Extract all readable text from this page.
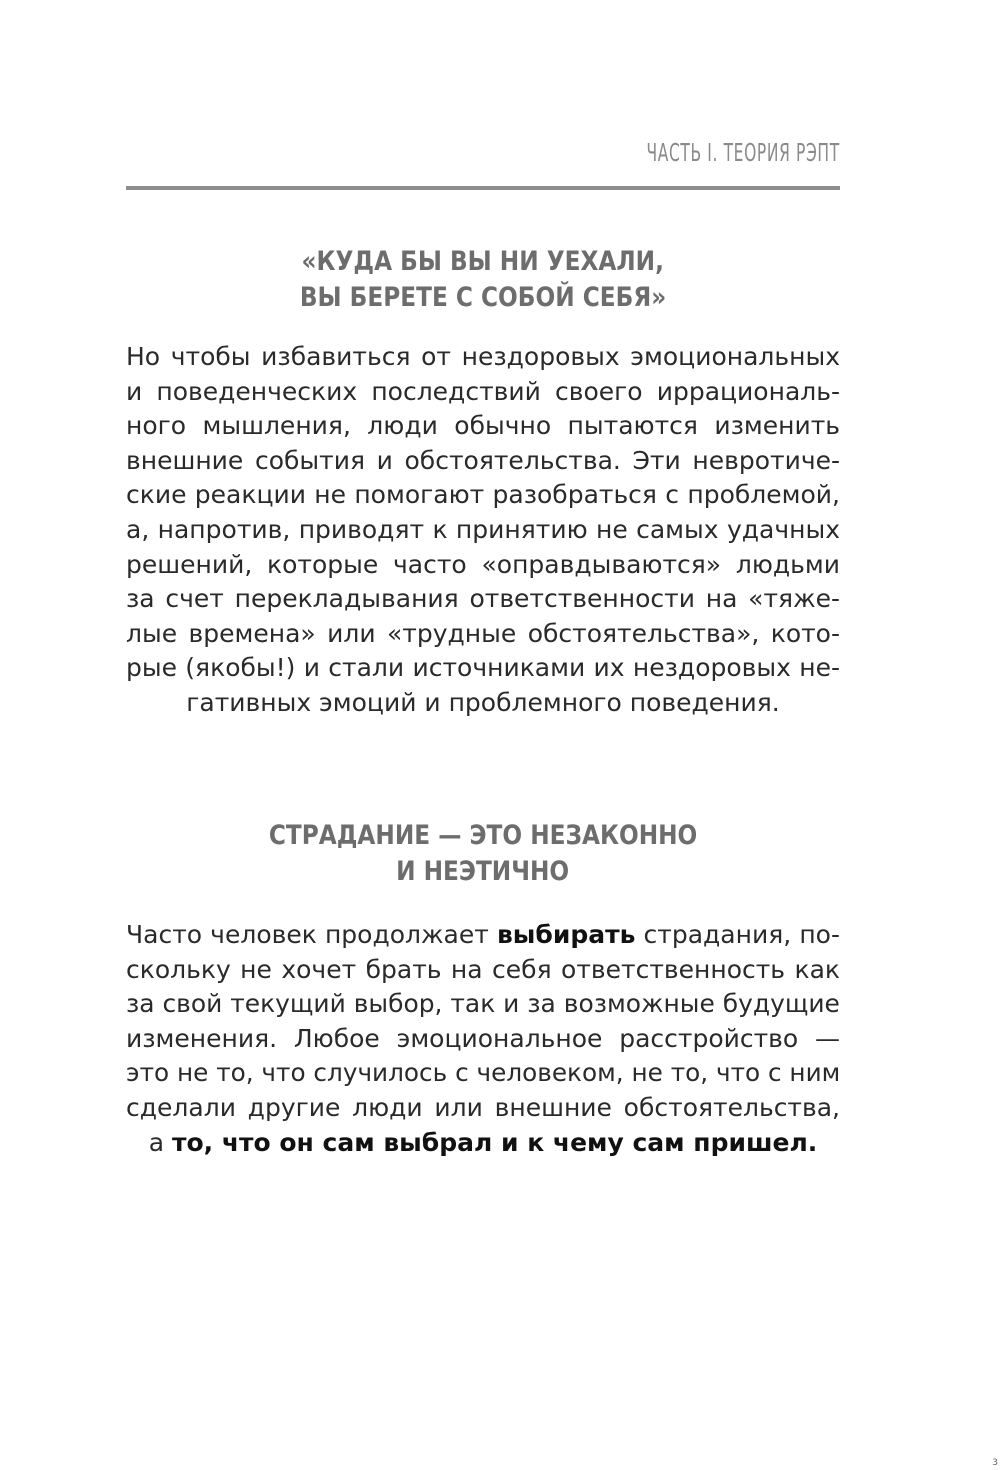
ЧАСТЬ I. ТЕОРИЯ РЭПТ
«КУДА БЫ ВЫ НИ УЕХАЛИ,
ВЫ БЕРЕТЕ С СОБОЙ СЕБЯ»
Но чтобы избавиться от нездоровых эмоциональных
и поведенческих последствий своего иррациональ-
ного мышления, люди обычно пытаются изменить
внешние события и обстоятельства. Эти невротиче-
ские реакции не помогают разобраться с проблемой,
а, напротив, приводят к принятию не самых удачных
решений, которые часто «оправдываются» людьми
за счет перекладывания ответственности на «тяже-
лые времена» или «трудные обстоятельства», кото-
рые (якобы!) и стали источниками их нездоровых не-
гативных эмоций и проблемного поведения.
СТРАДАНИЕ — ЭТО НЕЗАКОННО
И НЕЭТИЧНО
Часто человек продолжает выбирать страдания, по-
скольку не хочет брать на себя ответственность как
за свой текущий выбор, так и за возможные будущие
изменения. Любое эмоциональное расстройство —
это не то, что случилось с человеком, не то, что с ним
сделали другие люди или внешние обстоятельства,
а то, что он сам выбрал и к чему сам пришел.
3
